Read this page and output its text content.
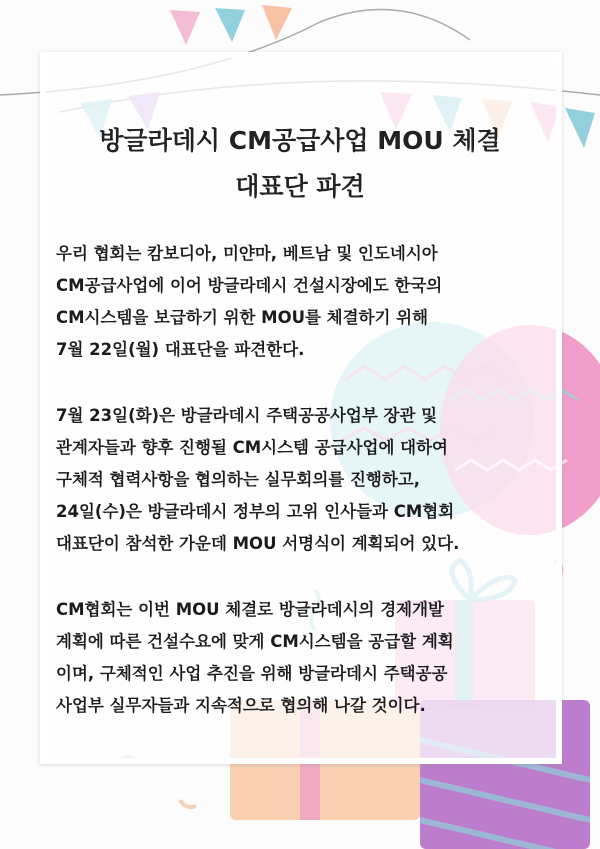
방글라데시 CM공급사업 MOU 체결
대표단 파견
우리 협회는 캄보디아, 미얀마, 베트남 및 인도네시아
CM공급사업에 이어 방글라데시 건설시장에도 한국의
CM시스템을 보급하기 위한 MOU를 체결하기 위해
7월 22일(월) 대표단을 파견한다.
7월 23일(화)은 방글라데시 주택공공사업부 장관 및
관계자들과 향후 진행될 CM시스템 공급사업에 대하여
구체적 협력사항을 협의하는 실무회의를 진행하고,
24일(수)은 방글라데시 정부의 고위 인사들과 CM협회
대표단이 참석한 가운데 MOU 서명식이 계획되어 있다.
CM협회는 이번 MOU 체결로 방글라데시의 경제개발
계획에 따른 건설수요에 맞게 CM시스템을 공급할 계획
이며, 구체적인 사업 추진을 위해 방글라데시 주택공공
사업부 실무자들과 지속적으로 협의해 나갈 것이다.
